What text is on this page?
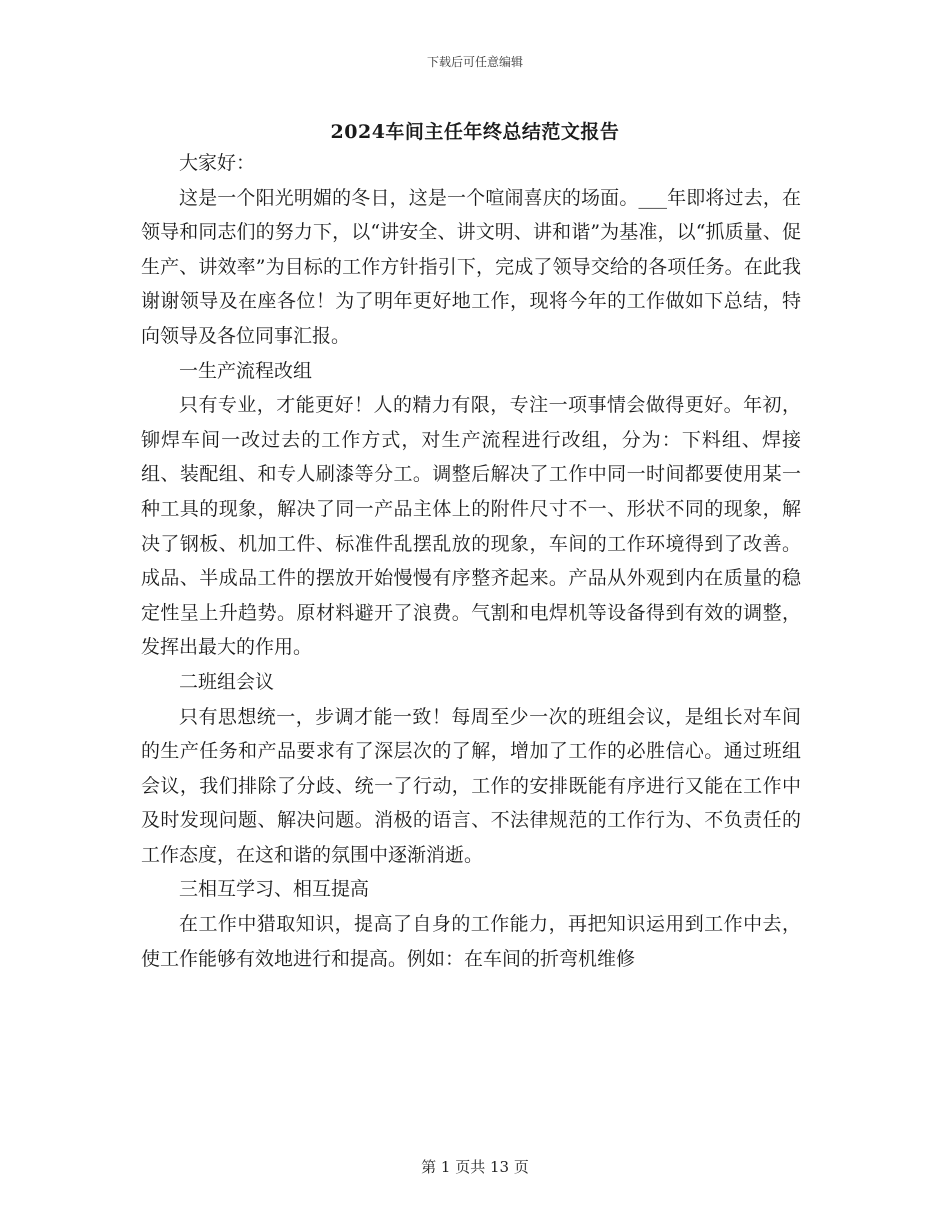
下载后可任意编辑
2024车间主任年终总结范文报告

大家好：

这是一个阳光明媚的冬日，这是一个喧闹喜庆的场面。___年即将过去，在领导和同志们的努力下，以“讲安全、讲文明、讲和谐”为基准，以“抓质量、促生产、讲效率”为目标的工作方针指引下，完成了领导交给的各项任务。在此我谢谢领导及在座各位！为了明年更好地工作，现将今年的工作做如下总结，特向领导及各位同事汇报。

一生产流程改组

只有专业，才能更好！人的精力有限，专注一项事情会做得更好。年初，铆焊车间一改过去的工作方式，对生产流程进行改组，分为：下料组、焊接组、装配组、和专人刷漆等分工。调整后解决了工作中同一时间都要使用某一种工具的现象，解决了同一产品主体上的附件尺寸不一、形状不同的现象，解决了钢板、机加工件、标准件乱摆乱放的现象，车间的工作环境得到了改善。成品、半成品工件的摆放开始慢慢有序整齐起来。产品从外观到内在质量的稳定性呈上升趋势。原材料避开了浪费。气割和电焊机等设备得到有效的调整，发挥出最大的作用。

二班组会议

只有思想统一，步调才能一致！每周至少一次的班组会议，是组长对车间的生产任务和产品要求有了深层次的了解，增加了工作的必胜信心。通过班组会议，我们排除了分歧、统一了行动，工作的安排既能有序进行又能在工作中及时发现问题、解决问题。消极的语言、不法律规范的工作行为、不负责任的工作态度，在这和谐的氛围中逐渐消逝。

三相互学习、相互提高

在工作中猎取知识，提高了自身的工作能力，再把知识运用到工作中去，使工作能够有效地进行和提高。例如：在车间的折弯机维修

第 1 页共 13 页
